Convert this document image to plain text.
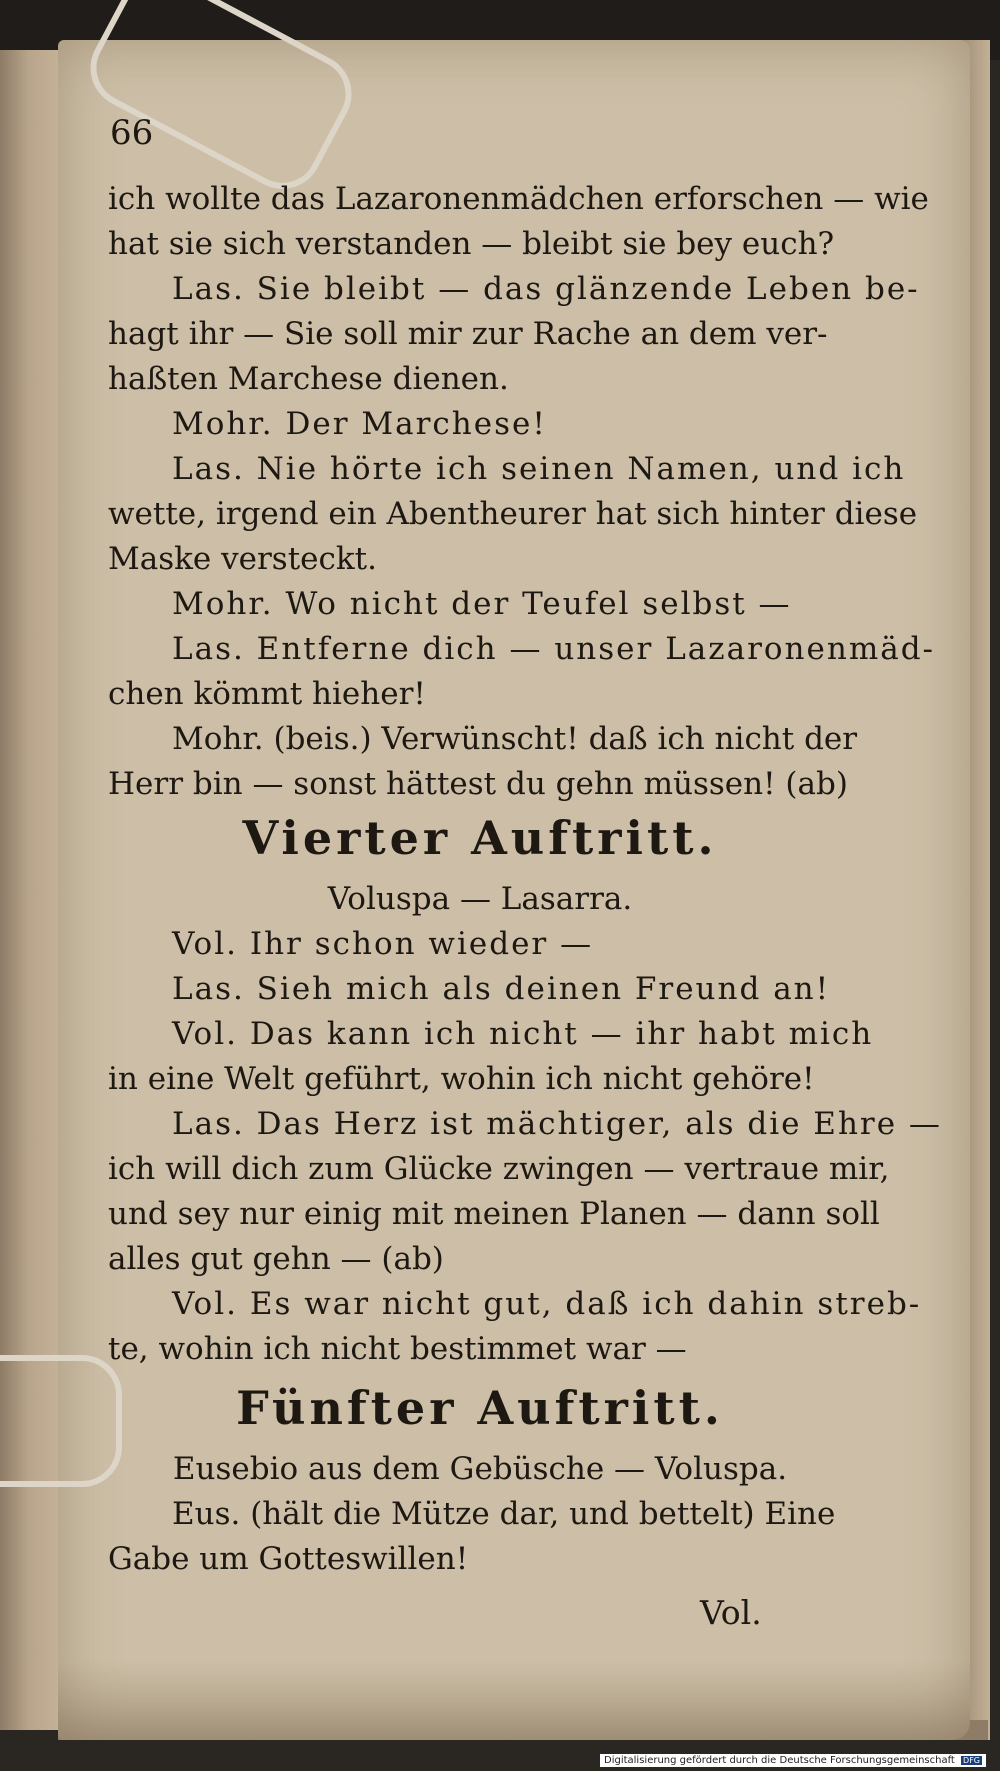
66
ich wollte das Lazaronenmädchen erforschen — wie
hat sie sich verstanden — bleibt sie bey euch?
Las. Sie bleibt — das glänzende Leben be-
hagt ihr — Sie soll mir zur Rache an dem ver-
haßten Marchese dienen.
Mohr. Der Marchese!
Las. Nie hörte ich seinen Namen, und ich
wette, irgend ein Abentheurer hat sich hinter diese
Maske versteckt.
Mohr. Wo nicht der Teufel selbst —
Las. Entferne dich — unser Lazaronenmäd-
chen kömmt hieher!
Mohr. (beis.) Verwünscht! daß ich nicht der
Herr bin — sonst hättest du gehn müssen! (ab)
Vierter Auftritt.
Voluspa — Lasarra.
Vol. Ihr schon wieder —
Las. Sieh mich als deinen Freund an!
Vol. Das kann ich nicht — ihr habt mich
in eine Welt geführt, wohin ich nicht gehöre!
Las. Das Herz ist mächtiger, als die Ehre —
ich will dich zum Glücke zwingen — vertraue mir,
und sey nur einig mit meinen Planen — dann soll
alles gut gehn — (ab)
Vol. Es war nicht gut, daß ich dahin streb-
te, wohin ich nicht bestimmet war —
Fünfter Auftritt.
Eusebio aus dem Gebüsche — Voluspa.
Eus. (hält die Mütze dar, und bettelt) Eine
Gabe um Gotteswillen!
Vol.
Digitalisierung gefördert durch die Deutsche Forschungsgemeinschaft DFG
